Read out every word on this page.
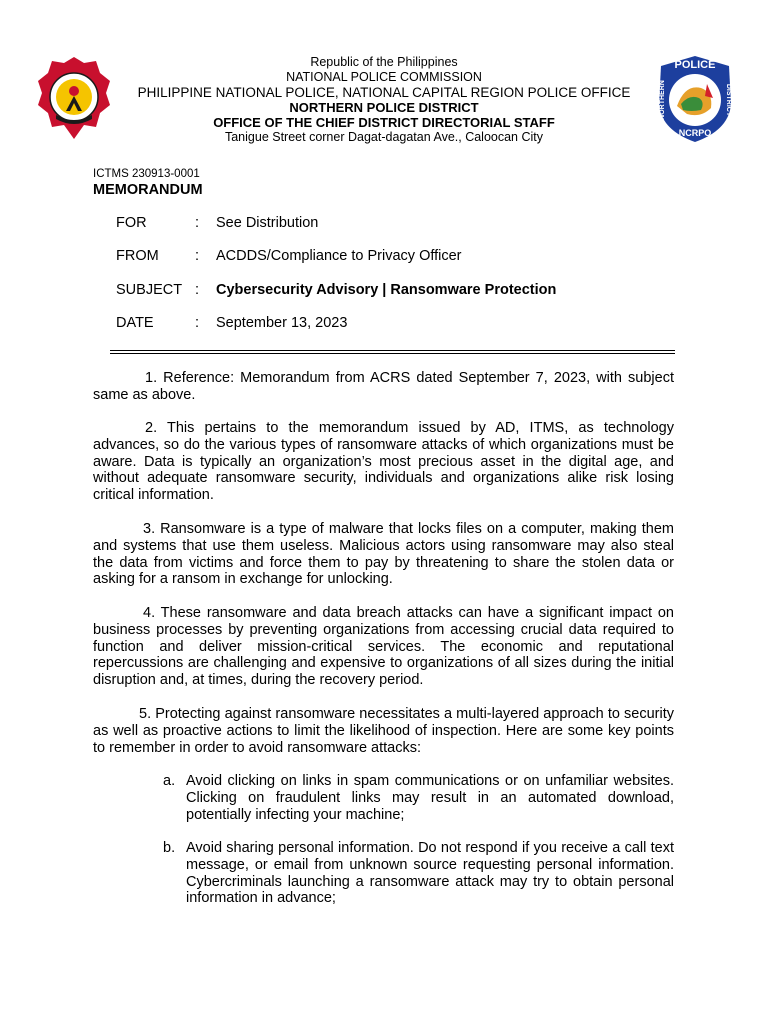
POLICE
DISTRICT
NORTHERN
NCRPO
Republic of the Philippines
NATIONAL POLICE COMMISSION
PHILIPPINE NATIONAL POLICE, NATIONAL CAPITAL REGION POLICE OFFICE
NORTHERN POLICE DISTRICT
OFFICE OF THE CHIEF DISTRICT DIRECTORIAL STAFF
Tanigue Street corner Dagat-dagatan Ave., Caloocan City
ICTMS 230913-0001
MEMORANDUM
FOR	: See Distribution
FROM	: ACDDS/Compliance to Privacy Officer
SUBJECT : Cybersecurity Advisory | Ransomware Protection
DATE	: September 13, 2023

1. Reference: Memorandum from ACRS dated September 7, 2023, with subject same as above.

2. This pertains to the memorandum issued by AD, ITMS, as technology advances, so do the various types of ransomware attacks of which organizations must be aware. Data is typically an organization’s most precious asset in the digital age, and without adequate ransomware security, individuals and organizations alike risk losing critical information.

3. Ransomware is a type of malware that locks files on a computer, making them and systems that use them useless. Malicious actors using ransomware may also steal the data from victims and force them to pay by threatening to share the stolen data or asking for a ransom in exchange for unlocking.

4. These ransomware and data breach attacks can have a significant impact on business processes by preventing organizations from accessing crucial data required to function and deliver mission-critical services. The economic and reputational repercussions are challenging and expensive to organizations of all sizes during the initial disruption and, at times, during the recovery period.

5. Protecting against ransomware necessitates a multi-layered approach to security as well as proactive actions to limit the likelihood of inspection. Here are some key points to remember in order to avoid ransomware attacks:

a. Avoid clicking on links in spam communications or on unfamiliar websites. Clicking on fraudulent links may result in an automated download, potentially infecting your machine;
b. Avoid sharing personal information. Do not respond if you receive a call text message, or email from unknown source requesting personal information. Cybercriminals launching a ransomware attack may try to obtain personal information in advance;
